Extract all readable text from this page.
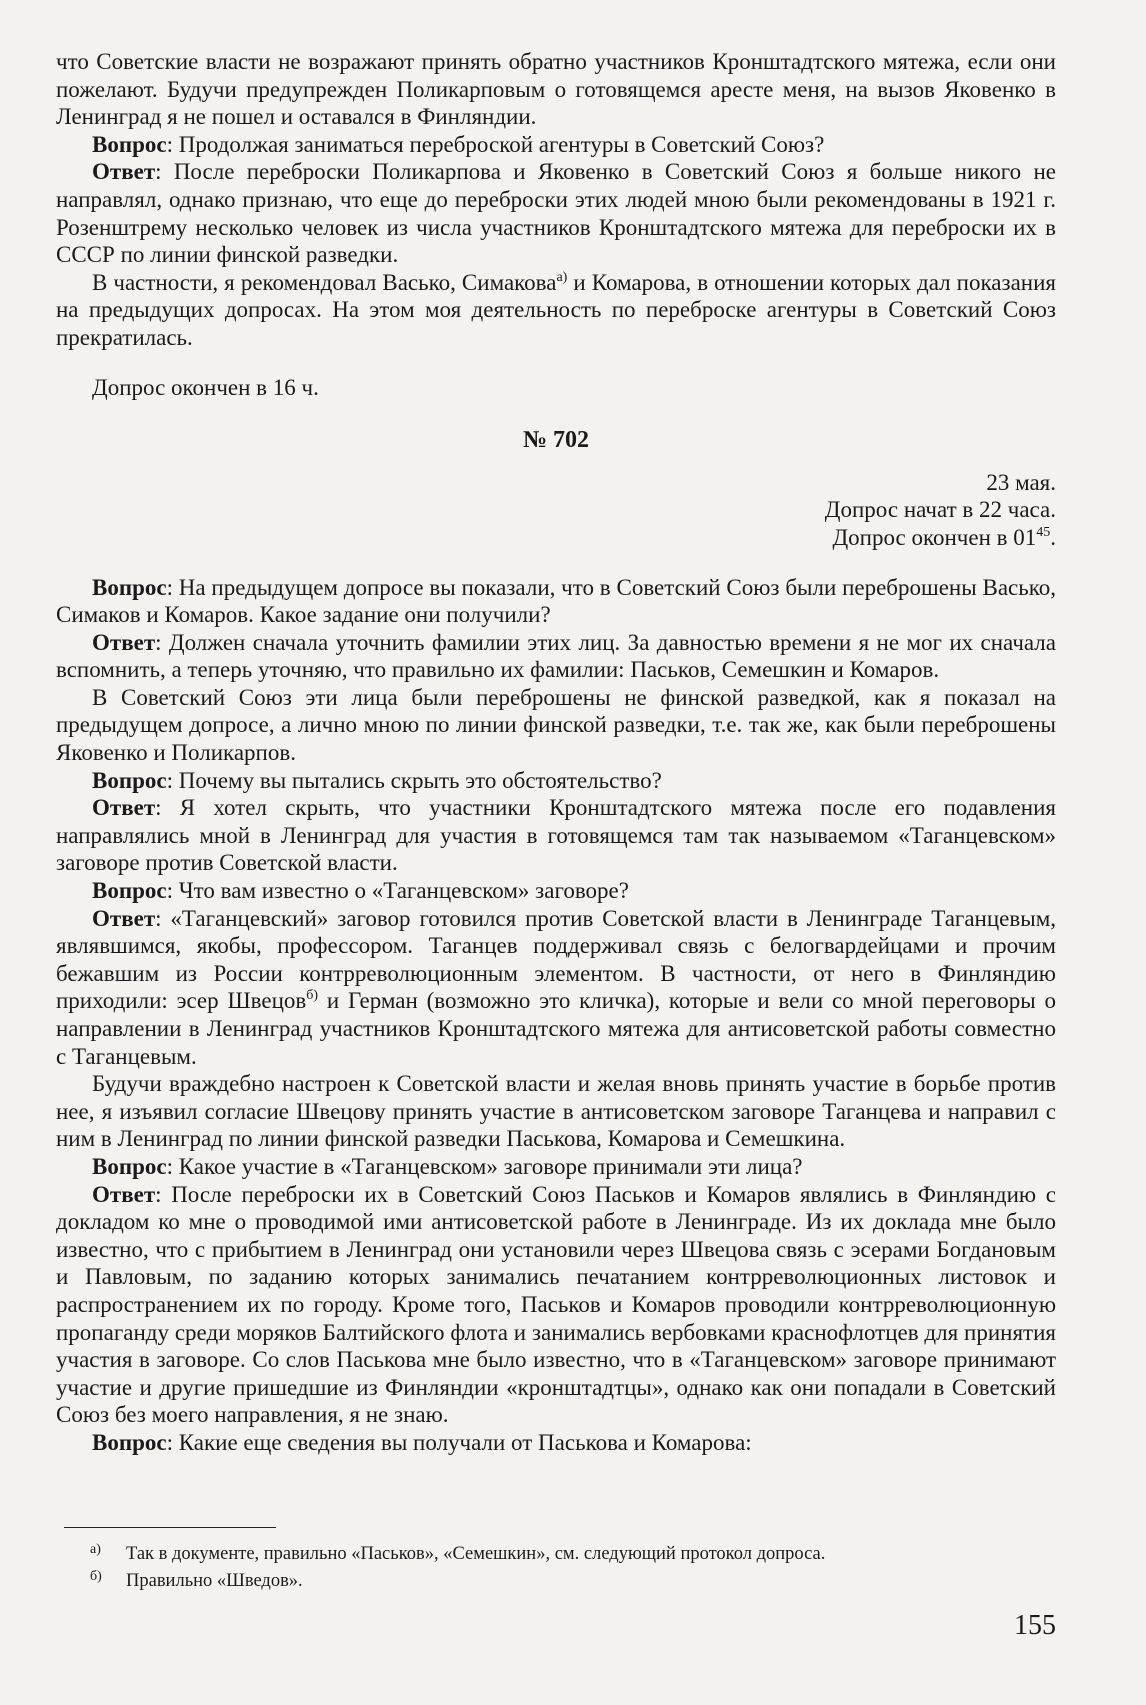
что Советские власти не возражают принять обратно участников Кронштадтского мятежа, если они пожелают. Будучи предупрежден Поликарповым о готовящемся аресте меня, на вызов Яковенко в Ленинград я не пошел и оставался в Финляндии.

Вопрос: Продолжая заниматься переброской агентуры в Советский Союз?

Ответ: После переброски Поликарпова и Яковенко в Советский Союз я больше никого не направлял, однако признаю, что еще до переброски этих людей мною были рекомендованы в 1921 г. Розенштрему несколько человек из числа участников Кронштадтского мятежа для переброски их в СССР по линии финской разведки.

В частности, я рекомендовал Васько, Симакова$^{а)}$ и Комарова, в отношении которых дал показания на предыдущих допросах. На этом моя деятельность по переброске агентуры в Советский Союз прекратилась.

Допрос окончен в 16 ч.

№ 702
23 мая.
Допрос начат в 22 часа.
Допрос окончен в $01^{45}$.

Вопрос: На предыдущем допросе вы показали, что в Советский Союз были переброшены Васько, Симаков и Комаров. Какое задание они получили?

Ответ: Должен сначала уточнить фамилии этих лиц. За давностью времени я не мог их сначала вспомнить, а теперь уточняю, что правильно их фамилии: Паськов, Семешкин и Комаров.

В Советский Союз эти лица были переброшены не финской разведкой, как я показал на предыдущем допросе, а лично мною по линии финской разведки, т.е. так же, как были переброшены Яковенко и Поликарпов.

Вопрос: Почему вы пытались скрыть это обстоятельство?

Ответ: Я хотел скрыть, что участники Кронштадтского мятежа после его подавления направлялись мной в Ленинград для участия в готовящемся там так называемом «Таганцевском» заговоре против Советской власти.

Вопрос: Что вам известно о «Таганцевском» заговоре?

Ответ: «Таганцевский» заговор готовился против Советской власти в Ленинграде Таганцевым, являвшимся, якобы, профессором. Таганцев поддерживал связь с белогвардейцами и прочим бежавшим из России контрреволюционным элементом. В частности, от него в Финляндию приходили: эсер Швецов$^{б)}$ и Герман (возможно это кличка), которые и вели со мной переговоры о направлении в Ленинград участников Кронштадтского мятежа для антисоветской работы совместно с Таганцевым.

Будучи враждебно настроен к Советской власти и желая вновь принять участие в борьбе против нее, я изъявил согласие Швецову принять участие в антисоветском заговоре Таганцева и направил с ним в Ленинград по линии финской разведки Паськова, Комарова и Семешкина.

Вопрос: Какое участие в «Таганцевском» заговоре принимали эти лица?

Ответ: После переброски их в Советский Союз Паськов и Комаров являлись в Финляндию с докладом ко мне о проводимой ими антисоветской работе в Ленинграде. Из их доклада мне было известно, что с прибытием в Ленинград они установили через Швецова связь с эсерами Богдановым и Павловым, по заданию которых занимались печатанием контрреволюционных листовок и распространением их по городу. Кроме того, Паськов и Комаров проводили контрреволюционную пропаганду среди моряков Балтийского флота и занимались вербовками краснофлотцев для принятия участия в заговоре. Со слов Паськова мне было известно, что в «Таганцевском» заговоре принимают участие и другие пришедшие из Финляндии «кронштадтцы», однако как они попадали в Советский Союз без моего направления, я не знаю.

Вопрос: Какие еще сведения вы получали от Паськова и Комарова:

а) Так в документе, правильно «Паськов», «Семешкин», см. следующий протокол допроса.
б) Правильно «Шведов».
155
